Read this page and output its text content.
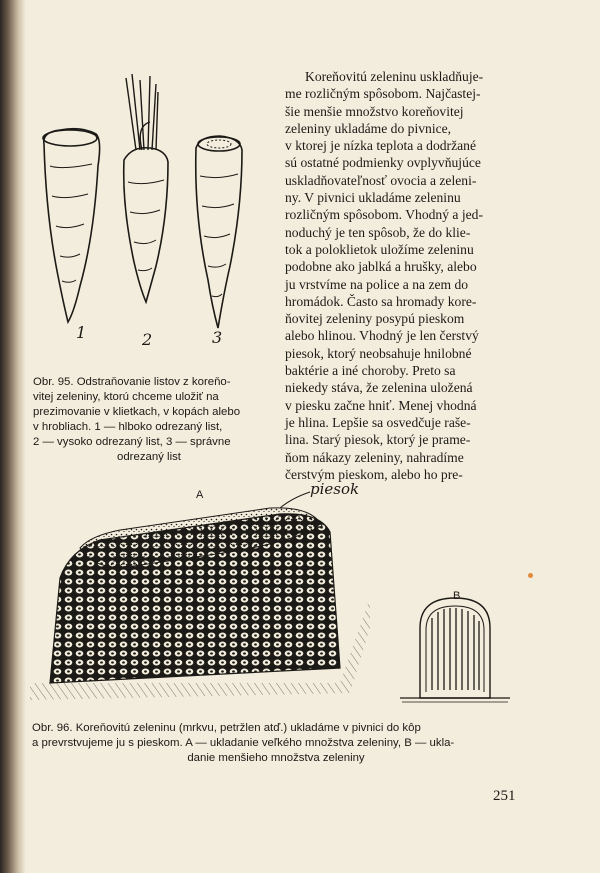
1	2	3
Obr. 95. Odstraňovanie listov z koreňo-
vitej zeleniny, ktorú chceme uložiť na
prezimovanie v klietkach, v kopách alebo
v hrobliach. 1 — hlboko odrezaný list,
2 — vysoko odrezaný list, 3 — správne
odrezaný list
Koreňovitú zeleninu uskladňuje-
me rozličným spôsobom. Najčastej-
šie menšie množstvo koreňovitej
zeleniny ukladáme do pivnice,
v ktorej je nízka teplota a dodržané
sú ostatné podmienky ovplyvňujúce
uskladňovateľnosť ovocia a zeleni-
ny. V pivnici ukladáme zeleninu
rozličným spôsobom. Vhodný a jed-
noduchý je ten spôsob, že do klie-
tok a poloklietok uložíme zeleninu
podobne ako jablká a hrušky, alebo
ju vrstvíme na police a na zem do
hromádok. Často sa hromady kore-
ňovitej zeleniny posypú pieskom
alebo hlinou. Vhodný je len čerstvý
piesok, ktorý neobsahuje hnilobné
baktérie a iné choroby. Preto sa
niekedy stáva, že zelenina uložená
v piesku začne hniť. Menej vhodná
je hlina. Lepšie sa osvedčuje raše-
lina. Starý piesok, ktorý je prame-
ňom nákazy zeleniny, nahradíme
čerstvým pieskom, alebo ho pre-
A	piesok
B
Obr. 96. Koreňovitú zeleninu (mrkvu, petržlen atď.) ukladáme v pivnici do kôp
a prevrstvujeme ju s pieskom. A — ukladanie veľkého množstva zeleniny, B — ukla-
danie menšieho množstva zeleniny
251
